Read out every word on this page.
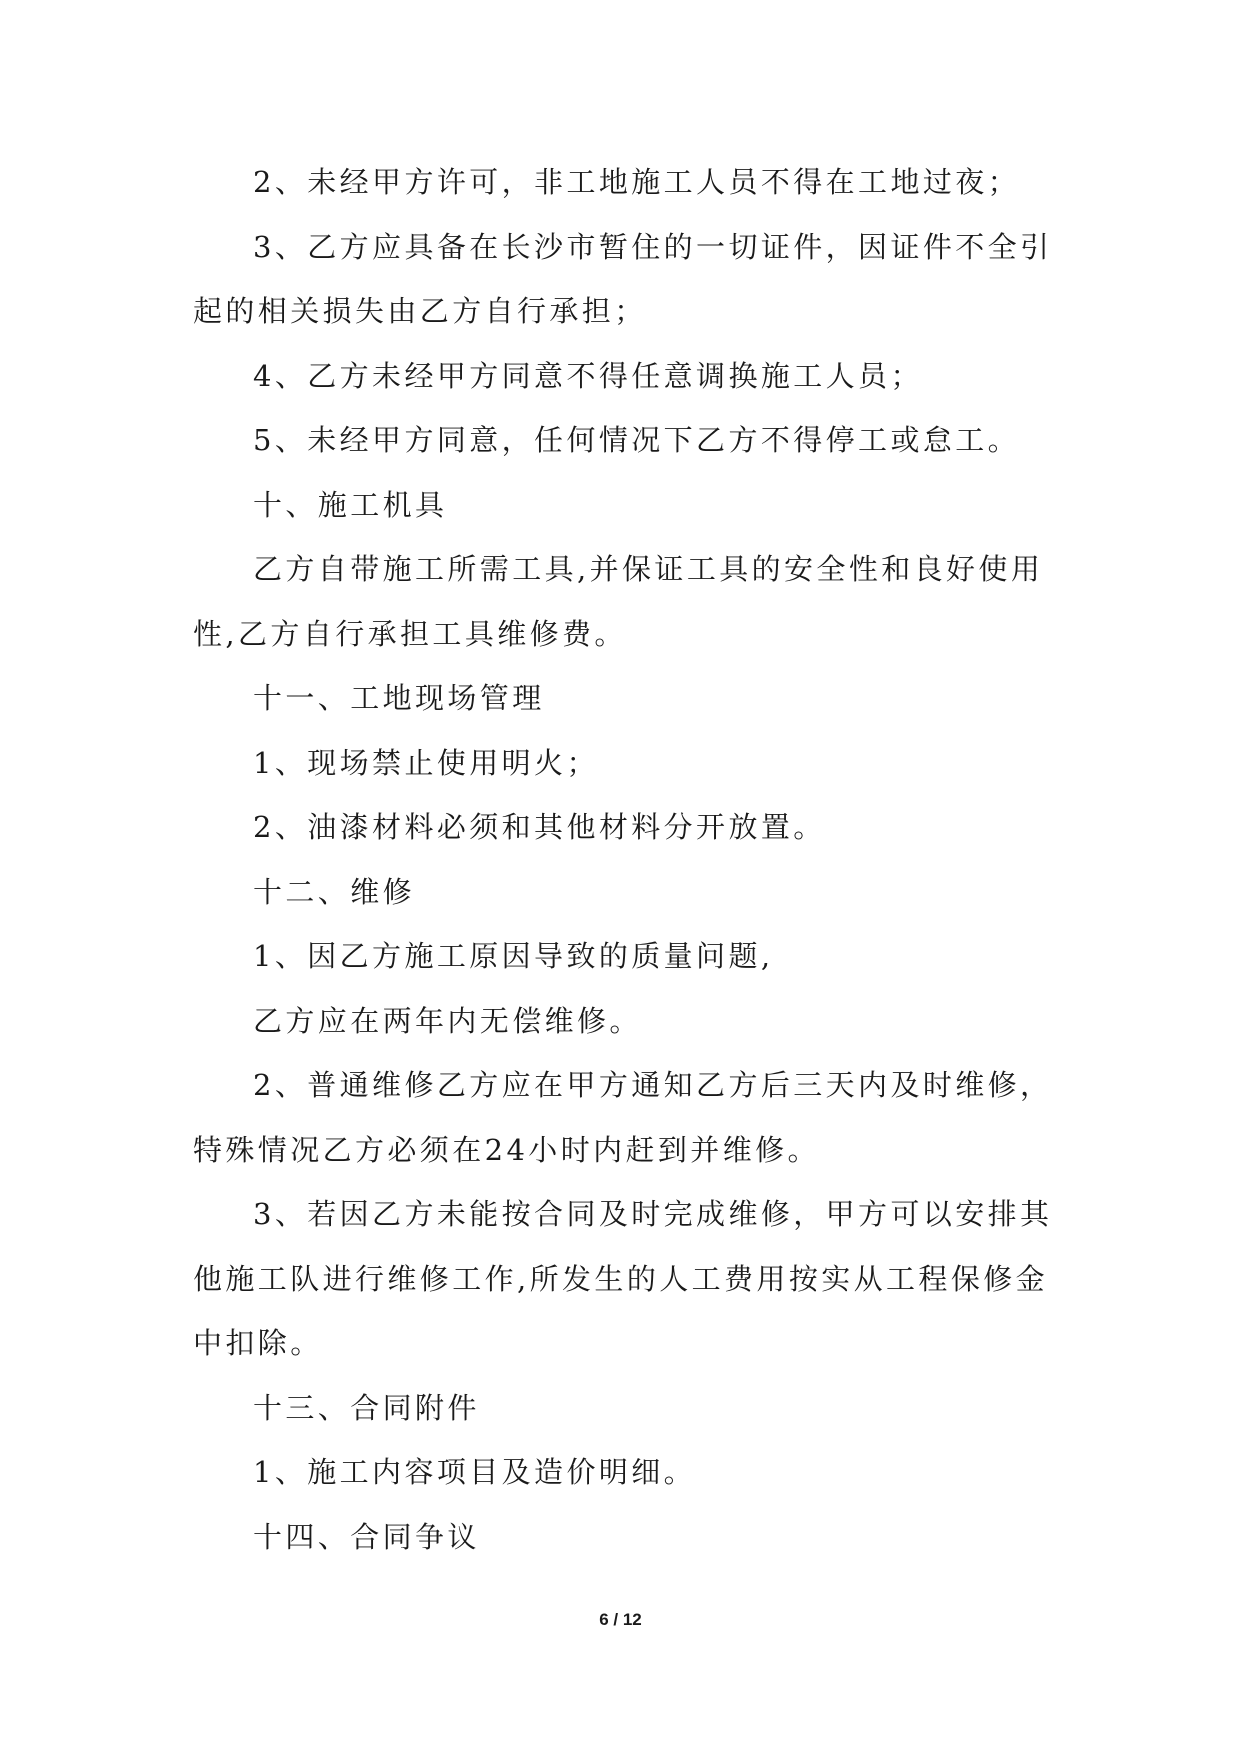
2、未经甲方许可，非工地施工人员不得在工地过夜；

3、乙方应具备在长沙市暂住的一切证件，因证件不全引起的相关损失由乙方自行承担；

4、乙方未经甲方同意不得任意调换施工人员；

5、未经甲方同意，任何情况下乙方不得停工或怠工。

十、施工机具

乙方自带施工所需工具,并保证工具的安全性和良好使用性,乙方自行承担工具维修费。

十一、工地现场管理

1、现场禁止使用明火；

2、油漆材料必须和其他材料分开放置。

十二、维修

1、因乙方施工原因导致的质量问题,

乙方应在两年内无偿维修。

2、普通维修乙方应在甲方通知乙方后三天内及时维修，特殊情况乙方必须在24小时内赶到并维修。

3、若因乙方未能按合同及时完成维修，甲方可以安排其他施工队进行维修工作,所发生的人工费用按实从工程保修金中扣除。

十三、合同附件

1、施工内容项目及造价明细。

十四、合同争议

6 / 12
